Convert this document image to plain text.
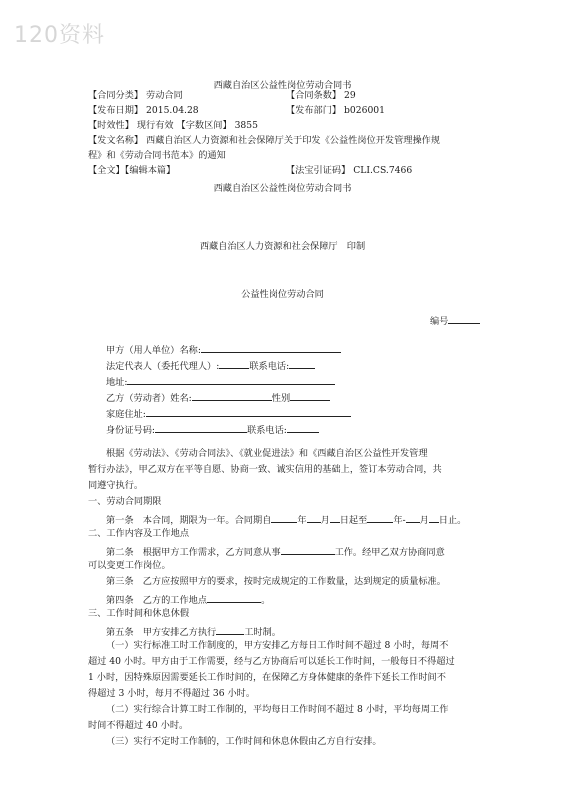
120资料
西藏自治区公益性岗位劳动合同书
【合同分类】 劳动合同	【合同条数】 29
【发布日期】 2015.04.28	【发布部门】 b026001
【时效性】 现行有效 【字数区间】 3855
【发文名称】 西藏自治区人力资源和社会保障厅关于印发《公益性岗位开发管理操作规
程》和《劳动合同书范本》的通知
【全文】【编辑本篇】	【法宝引证码】 CLI.CS.7466
西藏自治区公益性岗位劳动合同书
西藏自治区人力资源和社会保障厅　印制
公益性岗位劳动合同
编号
甲方（用人单位）名称:
法定代表人（委托代理人）:	联系电话:
地址:
乙方（劳动者）姓名:	性别
家庭住址:
身份证号码:	联系电话:
根据《劳动法》、《劳动合同法》、《就业促进法》和《西藏自治区公益性开发管理
暂行办法》，甲乙双方在平等自愿、协商一致、诚实信用的基础上，签订本劳动合同，共
同遵守执行。
一、劳动合同期限
第一条　本合同，期限为一年。合同期自	年 月 日起至	年- 月 日止。
二、工作内容及工作地点
第二条　根据甲方工作需求，乙方同意从事	工作。经甲乙双方协商同意
可以变更工作岗位。
第三条　乙方应按照甲方的要求，按时完成规定的工作数量，达到规定的质量标准。
第四条　乙方的工作地点	。
三、工作时间和休息休假
第五条　甲方安排乙方执行	工时制。
（一）实行标准工时工作制度的，甲方安排乙方每日工作时间不超过 8 小时，每周不
超过 40 小时。甲方由于工作需要，经与乙方协商后可以延长工作时间，一般每日不得超过
1 小时，因特殊原因需要延长工作时间的，在保障乙方身体健康的条件下延长工作时间不
得超过 3 小时，每月不得超过 36 小时。
（二）实行综合计算工时工作制的，平均每日工作时间不超过 8 小时，平均每周工作
时间不得超过 40 小时。
（三）实行不定时工作制的，工作时间和休息休假由乙方自行安排。
